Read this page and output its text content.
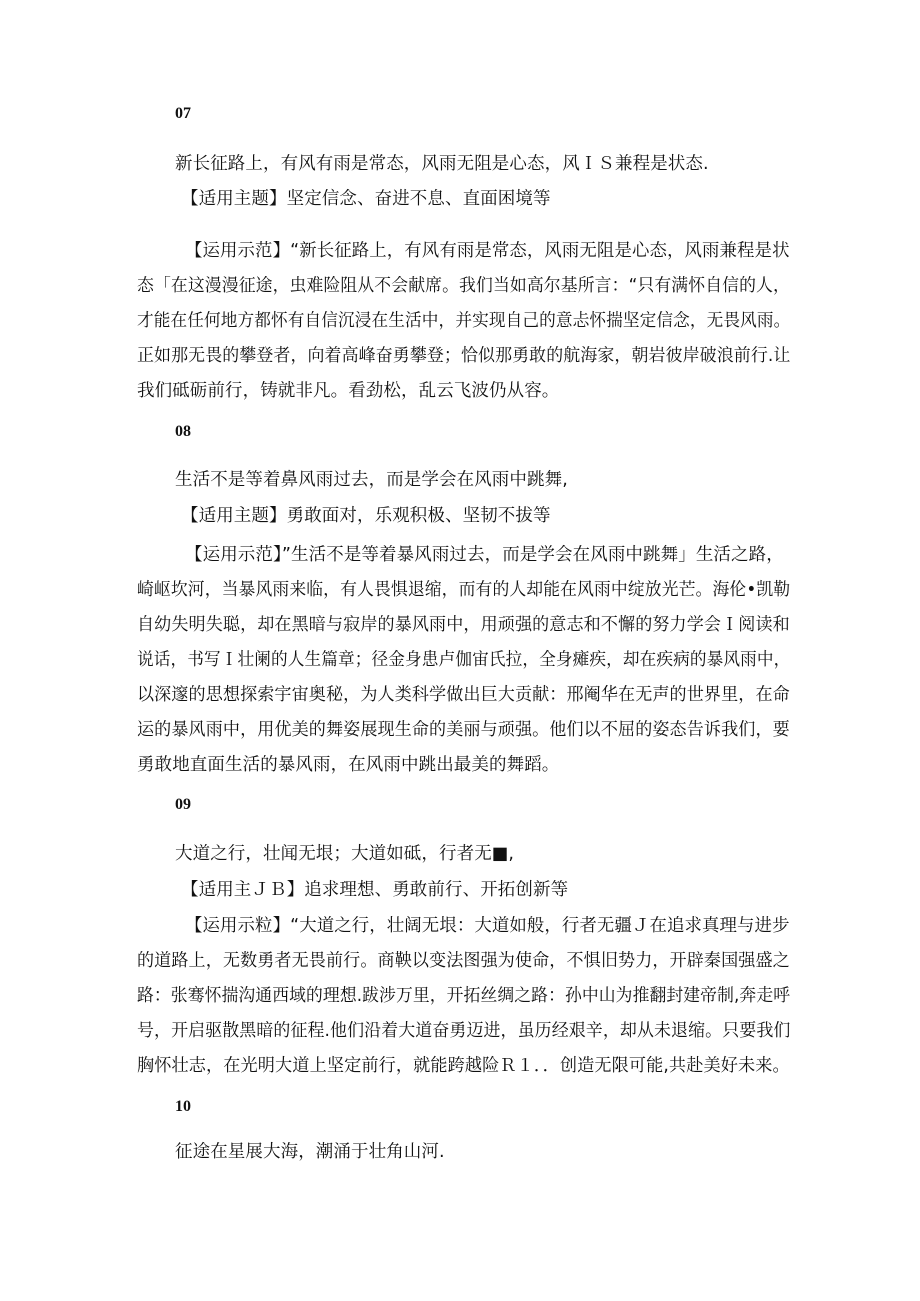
07

新长征路上，有风有雨是常态，风雨无阻是心态，风ＩＳ兼程是状态.

【适用主题】坚定信念、奋进不息、直面困境等

【运用示范】“新长征路上，有风有雨是常态，风雨无阻是心态，风雨兼程是状

态「在这漫漫征途，虫难险阻从不会献席。我们当如高尔基所言：“只有满怀自信的人，

才能在任何地方都怀有自信沉浸在生活中，并实现自己的意忐怀揣坚定信念，无畏风雨。

正如那无畏的攀登者，向着高峰奋勇攀登；恰似那勇敢的航海家，朝岩彼岸破浪前行.让

我们砥砺前行，铸就非凡。看劲松，乱云飞波仍从容。

08

生活不是等着鼻风雨过去，而是学会在风雨中跳舞,

【适用主题】勇敢面对，乐观积极、坚韧不拔等

【运用示范】”生活不是等着暴风雨过去，而是学会在风雨中跳舞」生活之路，

崎岖坎河，当暴风雨来临，有人畏惧退缩，而有的人却能在风雨中绽放光芒。海伦•凯勒

自幼失明失聪，却在黑暗与寂岸的暴风雨中，用顽强的意志和不懈的努力学会Ｉ阅读和

说话，书写Ｉ壮阑的人生篇章；径金身患卢伽宙氏拉，全身瘫疾，却在疾病的暴风雨中，

以深邃的思想探索宇宙奥秘，为人类科学做出巨大贡献：邢阉华在无声的世界里，在命

运的暴风雨中，用优美的舞姿展现生命的美丽与顽强。他们以不屈的姿态告诉我们，要

勇敢地直面生活的暴风雨，在风雨中跳出最美的舞蹈。

09

大道之行，壮闻无垠；大道如砥，行者无■,

【适用主ＪＢ】追求理想、勇敢前行、开拓创新等

【运用示粒】“大道之行，壮阔无垠：大道如般，行者无疆Ｊ在追求真理与进步

的道路上，无数勇者无畏前行。商鞅以变法图强为使命，不惧旧势力，开辟秦国强盛之

路：张骞怀揣沟通西域的理想.跋涉万里，开拓丝绸之路：孙中山为推翻封建帝制,奔走呼

号，开启驱散黑暗的征程.他们沿着大道奋勇迈进，虽历经艰辛，却从未退缩。只要我们

胸怀壮志，在光明大道上坚定前行，就能跨越险Ｒ１．．创造无限可能,共赴美好未来。

10

征途在星展大海，潮涌于壮角山河.
